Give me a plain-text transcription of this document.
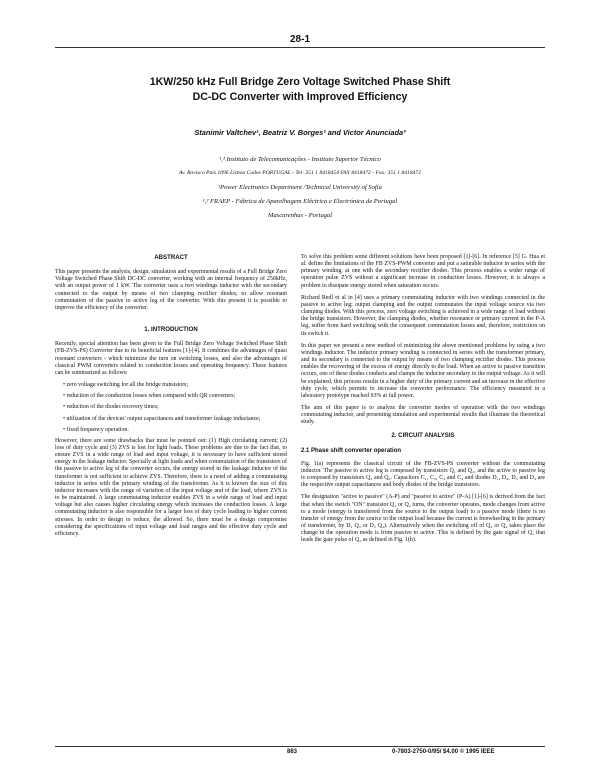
28-1
1KW/250 kHz Full Bridge Zero Voltage Switched Phase Shift
DC-DC Converter with Improved Efficiency
Stanimir Valtchev¹, Beatriz V. Borges² and Victor Anunciada³
¹,³ Instituto de Telecomunicações - Instituto Superior Técnico
Av. Rovisco Pais 1096 Lisboa Codex PORTUGAL - Tel: 351 1 8418454 FAX 8418472 - Fax: 351 1 8418472
¹Power Electronics Department /Technical University of Sofia
¹,² FRAEP - Fábrica de Aparelhagem Eléctrica e Electrónica de Portugal
Mascarenhas - Portugal
ABSTRACT

This paper presents the analysis, design, simulation and experimental results of a Full Bridge Zero Voltage Switched Phase Shift DC-DC converter, working with an internal frequency of 250kHz, with an output power of 1 kW. The converter uses a two windings inductor with the secondary connected to the output by means of two clamping rectifier diodes, to allow resonant commutation of the passive to active leg of the converter. With this present it is possible to improve the efficiency of the converter.

1. INTRODUCTION

Recently, special attention has been given to the Full Bridge Zero Voltage Switched Phase Shift (FB-ZVS-PS) Converter due to its beneficial features [1]-[4]. It combines the advantages of quasi resonant converters - which minimize the turn on switching losses, and also the advantages of classical PWM converters related to conduction losses and operating frequency. These features can be summarized as follows:

• zero voltage switching for all the bridge transistors;

• reduction of the conduction losses when compared with QR converters;

• reduction of the diodes recovery times;

• utilization of the devices' output capacitances and transformer leakage inductance;

• fixed frequency operation.

However, there are some drawbacks that must be pointed out: (1) High circulating current; (2) loss of duty cycle and (3) ZVS is lost for light loads. These problems are due to the fact that, to ensure ZVS in a wide range of load and input voltage, it is necessary to have sufficient stored energy in the leakage inductor. Specially at light loads and when commutation of the transistors of the passive to active leg of the converter occurs, the energy stored in the leakage inductor of the transformer is not sufficient to achieve ZVS. Therefore, there is a need of adding a commutating inductor in series with the primary winding of the transformer. As it is known the size of this inductor increases with the range of variation of the input voltage and of the load, where ZVS is to be maintained. A large commutating inductor enables ZVS in a wide range of load and input voltage but also causes higher circulating energy which increases the conduction losses. A large commutating inductor is also responsible for a larger loss of duty cycle leading to higher current stresses. In order to design to reduce, the allowed. So, there must be a design compromise considering the specifications of input voltage and load ranges and the effective duty cycle and efficiency.

To solve this problem some different solutions have been proposed [1]-[6]. In reference [5] G. Hua et al. define the limitations of the FB ZVS-PWM converter and put a saturable inductor in series with the primary winding, at one with the secondary rectifier diodes. This process enables a wider range of operation pulse ZVS without a significant increase in conduction losses. However, it is always a problem to dissipate energy stored when saturation occurs.

Richard Redl et al in [4] uses a primary commutating inductor with two windings connected in the passive to active leg; output clamping and the output commutates the input voltage source via two clamping diodes. With this process, zero voltage switching is achieved in a wide range of load without the bridge transistors. However, the clamping diodes, whether resonance or primary current in the P-A leg, suffer from hard switching with the consequent commutation losses and, therefore, restriction on its switch it.

In this paper we present a new method of minimizing the above mentioned problems by using a two windings inductor. The inductor primary winding is connected in series with the transformer primary, and its secondary is connected to the output by means of two clamping rectifier diodes. This process enables the recovering of the excess of energy directly to the load. When an active to passive transition occurs, one of these diodes conducts and clamps the inductor secondary to the output voltage. As it will be explained, this process results in a higher duty of the primary current and an increase in the effective duty cycle, which permits to increase the converter performance. The efficiency measured in a laboratory prototype reached 93% at full power.

The aim of this paper is to analyze the converter modes of operation with the two windings commutating inductor, and presenting simulation and experimental results that illustrate the theoretical study.

2. CIRCUIT ANALYSIS
2.1 Phase shift converter operation

Fig. 1(a) represents the classical circuit of the FB-ZVS-PS converter without the commutating inductor. The passive to active leg is composed by transistors Q₁ and Q₂, and the active to passive leg is composed by transistors Q₃ and Q₄. Capacitors C₁, C₂, C₃ and C₄ and diodes D₁, D₂, D₃ and D₄ are the respective output capacitances and body diodes of the bridge transistors.

The designation "active to passive" (A-P) and "passive to active" (P-A) [1]-[6] is derived from the fact that when the switch "ON" transistor Q₁ or Q₂ turns, the converter operates, mode changes from active to a mode (energy is transferred from the source to the output load) to a passive mode (there is no transfer of energy from the source to the output load because the current is freewheeling in the primary of transformer, by D₁ Q₃ or D₂ Q₄). Alternatively when the switching off of Q₃ or Q₄ takes place the change in the operation mode is from passive to active. This is defined by the gate signal of Q₁ that leads the gate pulse of Q₃ as defined in Fig. 1(b).

863	0-7803-2750-0/95/ $4.00 © 1995 IEEE
